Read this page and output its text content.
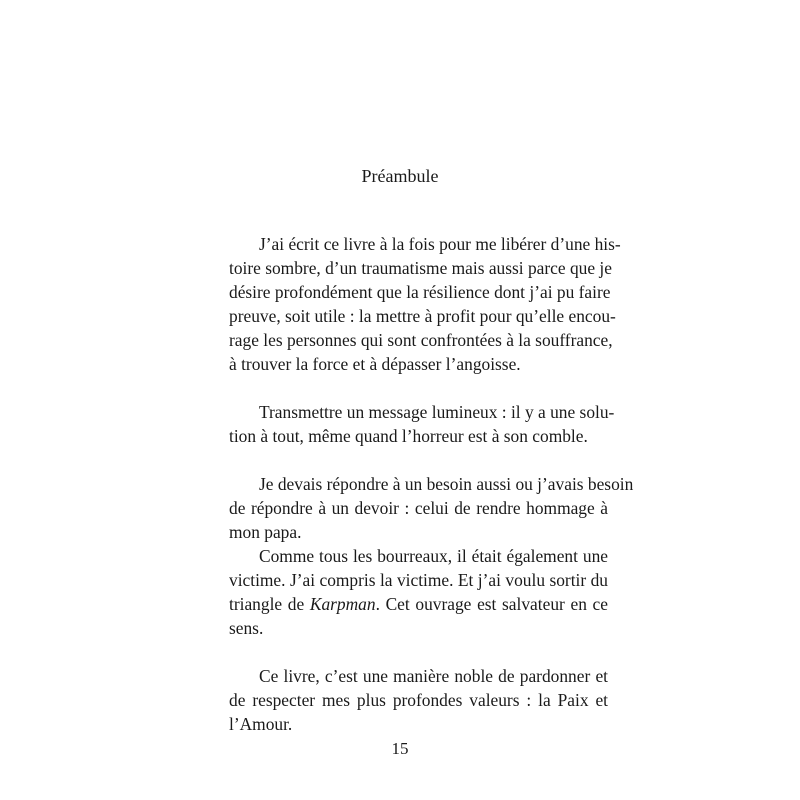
Préambule

J’ai écrit ce livre à la fois pour me libérer d’une his-
toire sombre, d’un traumatisme mais aussi parce que je
désire profondément que la résilience dont j’ai pu faire
preuve, soit utile : la mettre à profit pour qu’elle encou-
rage les personnes qui sont confrontées à la souffrance,
à trouver la force et à dépasser l’angoisse.

Transmettre un message lumineux : il y a une solu-
tion à tout, même quand l’horreur est à son comble.

Je devais répondre à un besoin aussi ou j’avais besoin
de répondre à un devoir : celui de rendre hommage à
mon papa.

Comme tous les bourreaux, il était également une
victime. J’ai compris la victime. Et j’ai voulu sortir du
triangle de Karpman. Cet ouvrage est salvateur en ce
sens.

Ce livre, c’est une manière noble de pardonner et
de respecter mes plus profondes valeurs : la Paix et
l’Amour.

15
